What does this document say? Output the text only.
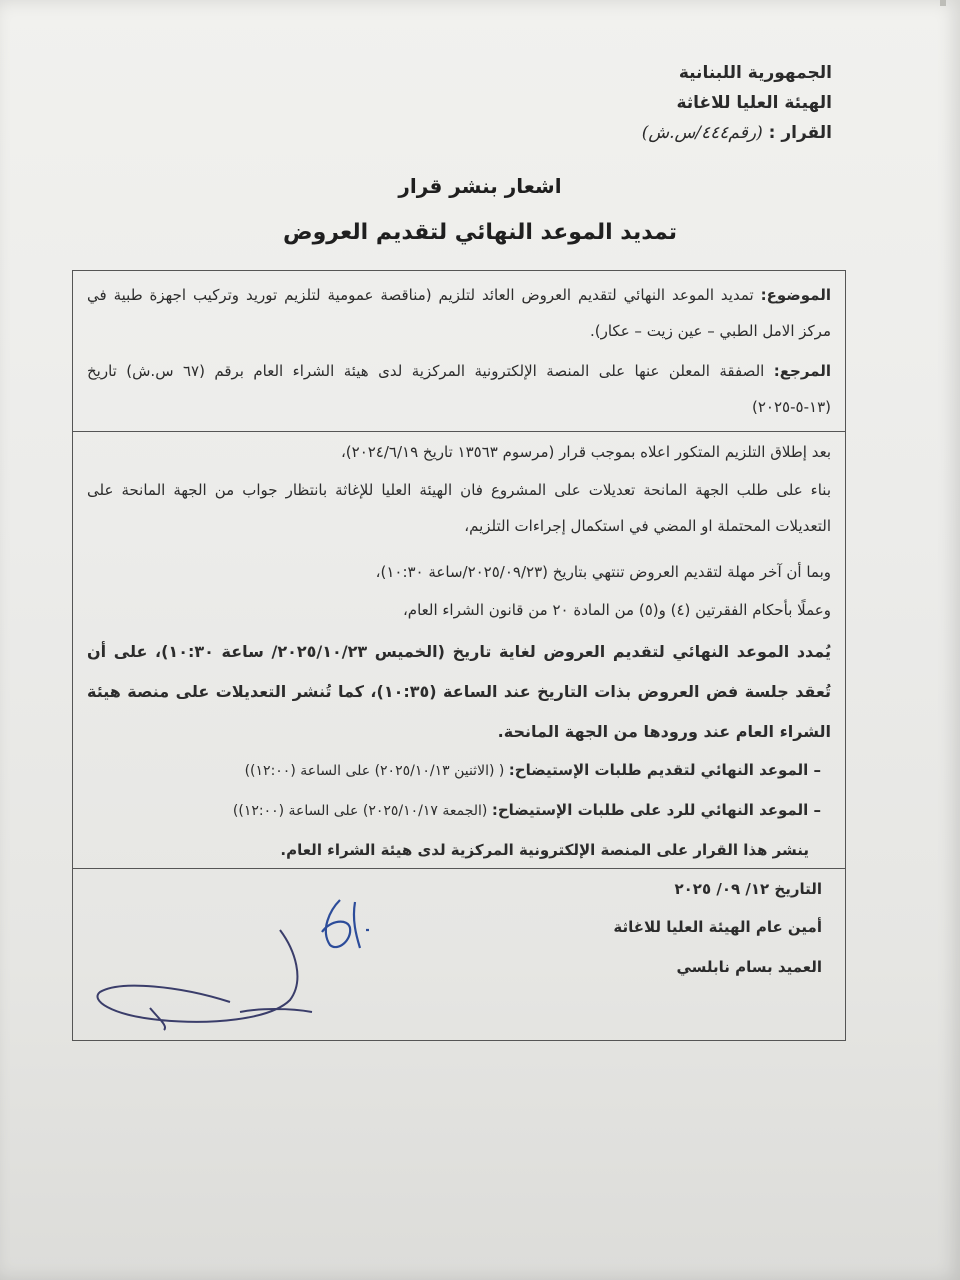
الجمهورية اللبنانية
الهيئة العليا للاغاثة
القرار : (رقم٤٤٤/س.ش)
اشعار بنشر قرار
تمديد الموعد النهائي لتقديم العروض
الموضوع: تمديد الموعد النهائي لتقديم العروض العائد لتلزيم (مناقصة عمومية لتلزيم توريد وتركيب اجهزة طبية في مركز الامل الطبي – عين زيت – عكار).
المرجع: الصفقة المعلن عنها على المنصة الإلكترونية المركزية لدى هيئة الشراء العام برقم (٦٧ س.ش) تاريخ (١٣-٥-٢٠٢٥)
بعد إطلاق التلزيم المتكور اعلاه بموجب قرار (مرسوم ١٣٥٦٣ تاريخ ٢٠٢٤/٦/١٩)،
بناء على طلب الجهة المانحة تعديلات على المشروع فان الهيئة العليا للإغاثة بانتظار جواب من الجهة المانحة على التعديلات المحتملة او المضي في استكمال إجراءات التلزيم،
وبما أن آخر مهلة لتقديم العروض تنتهي بتاريخ (٢٠٢٥/٠٩/٢٣/ساعة ١٠:٣٠)،
وعملًا بأحكام الفقرتين (٤) و(٥) من المادة ٢٠ من قانون الشراء العام،
يُمدد الموعد النهائي لتقديم العروض لغاية تاريخ (الخميس ٢٠٢٥/١٠/٢٣/ ساعة ١٠:٣٠)، على أن تُعقد جلسة فض العروض بذات التاريخ عند الساعة (١٠:٣٥)، كما تُنشر التعديلات على منصة هيئة الشراء العام عند ورودها من الجهة المانحة.
– الموعد النهائي لتقديم طلبات الإستيضاح: ( (الاثنين ٢٠٢٥/١٠/١٣) على الساعة (١٢:٠٠))
– الموعد النهائي للرد على طلبات الإستيضاح: (الجمعة ٢٠٢٥/١٠/١٧) على الساعة (١٢:٠٠))
ينشر هذا القرار على المنصة الإلكترونية المركزية لدى هيئة الشراء العام.
التاريخ ١٢/ ٠٩/ ٢٠٢٥
أمين عام الهيئة العليا للاغاثة
العميد بسام نابلسي
